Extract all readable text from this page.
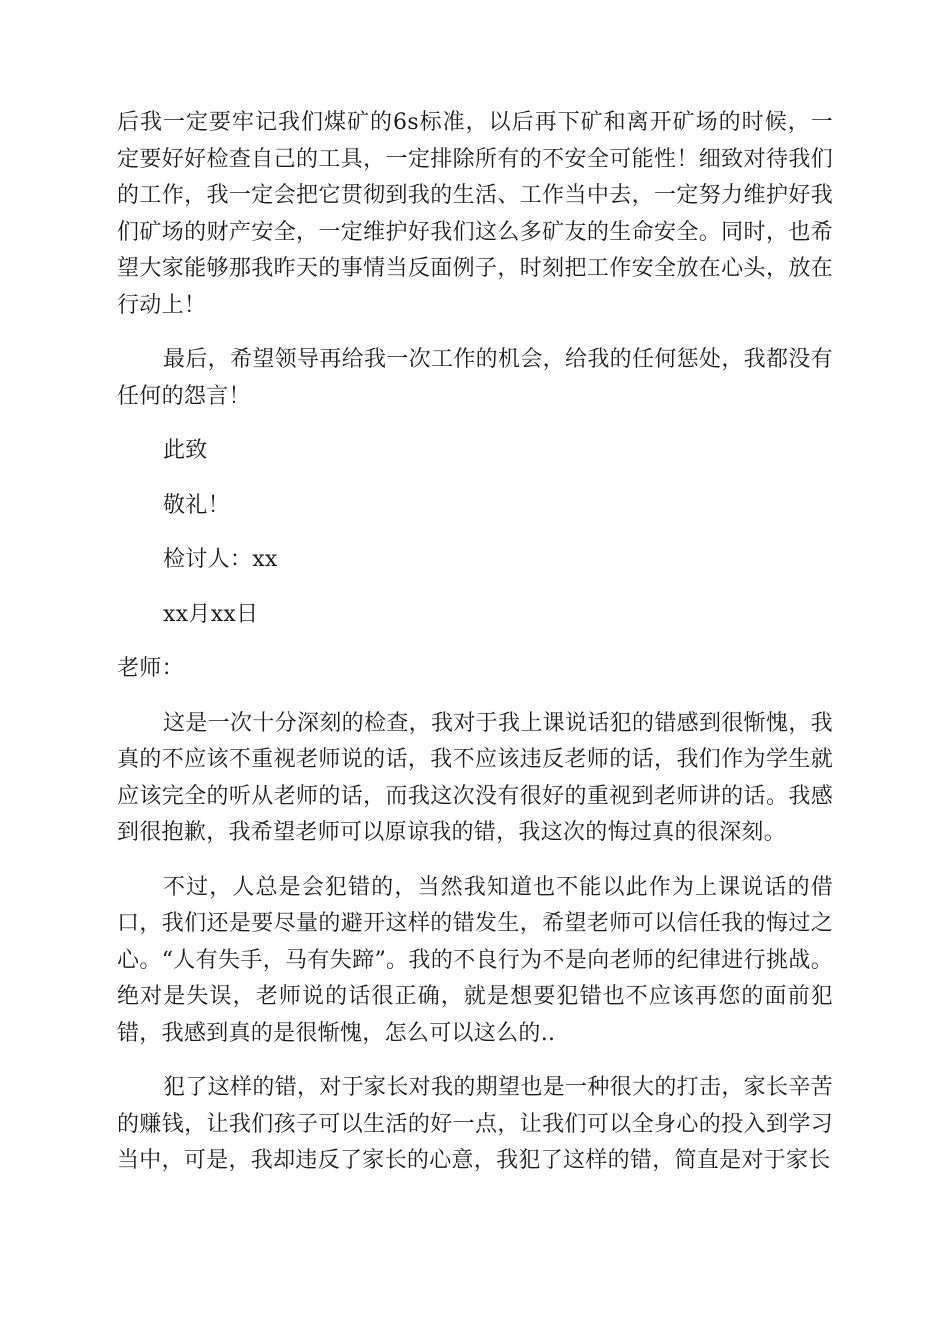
后我一定要牢记我们煤矿的6s标准，以后再下矿和离开矿场的时候，一定要好好检查自己的工具，一定排除所有的不安全可能性！细致对待我们的工作，我一定会把它贯彻到我的生活、工作当中去，一定努力维护好我们矿场的财产安全，一定维护好我们这么多矿友的生命安全。同时，也希望大家能够那我昨天的事情当反面例子，时刻把工作安全放在心头，放在行动上！

最后，希望领导再给我一次工作的机会，给我的任何惩处，我都没有任何的怨言！

此致
敬礼！
检讨人：xx
xx月xx日
老师：

这是一次十分深刻的检查，我对于我上课说话犯的错感到很惭愧，我真的不应该不重视老师说的话，我不应该违反老师的话，我们作为学生就应该完全的听从老师的话，而我这次没有很好的重视到老师讲的话。我感到很抱歉，我希望老师可以原谅我的错，我这次的悔过真的很深刻。

不过，人总是会犯错的，当然我知道也不能以此作为上课说话的借口，我们还是要尽量的避开这样的错发生，希望老师可以信任我的悔过之心。“人有失手，马有失蹄”。我的不良行为不是向老师的纪律进行挑战。绝对是失误，老师说的话很正确，就是想要犯错也不应该再您的面前犯错，我感到真的是很惭愧，怎么可以这么的..

犯了这样的错，对于家长对我的期望也是一种很大的打击，家长辛苦的赚钱，让我们孩子可以生活的好一点，让我们可以全身心的投入到学习当中，可是，我却违反了家长的心意，我犯了这样的错，简直是对于家长
